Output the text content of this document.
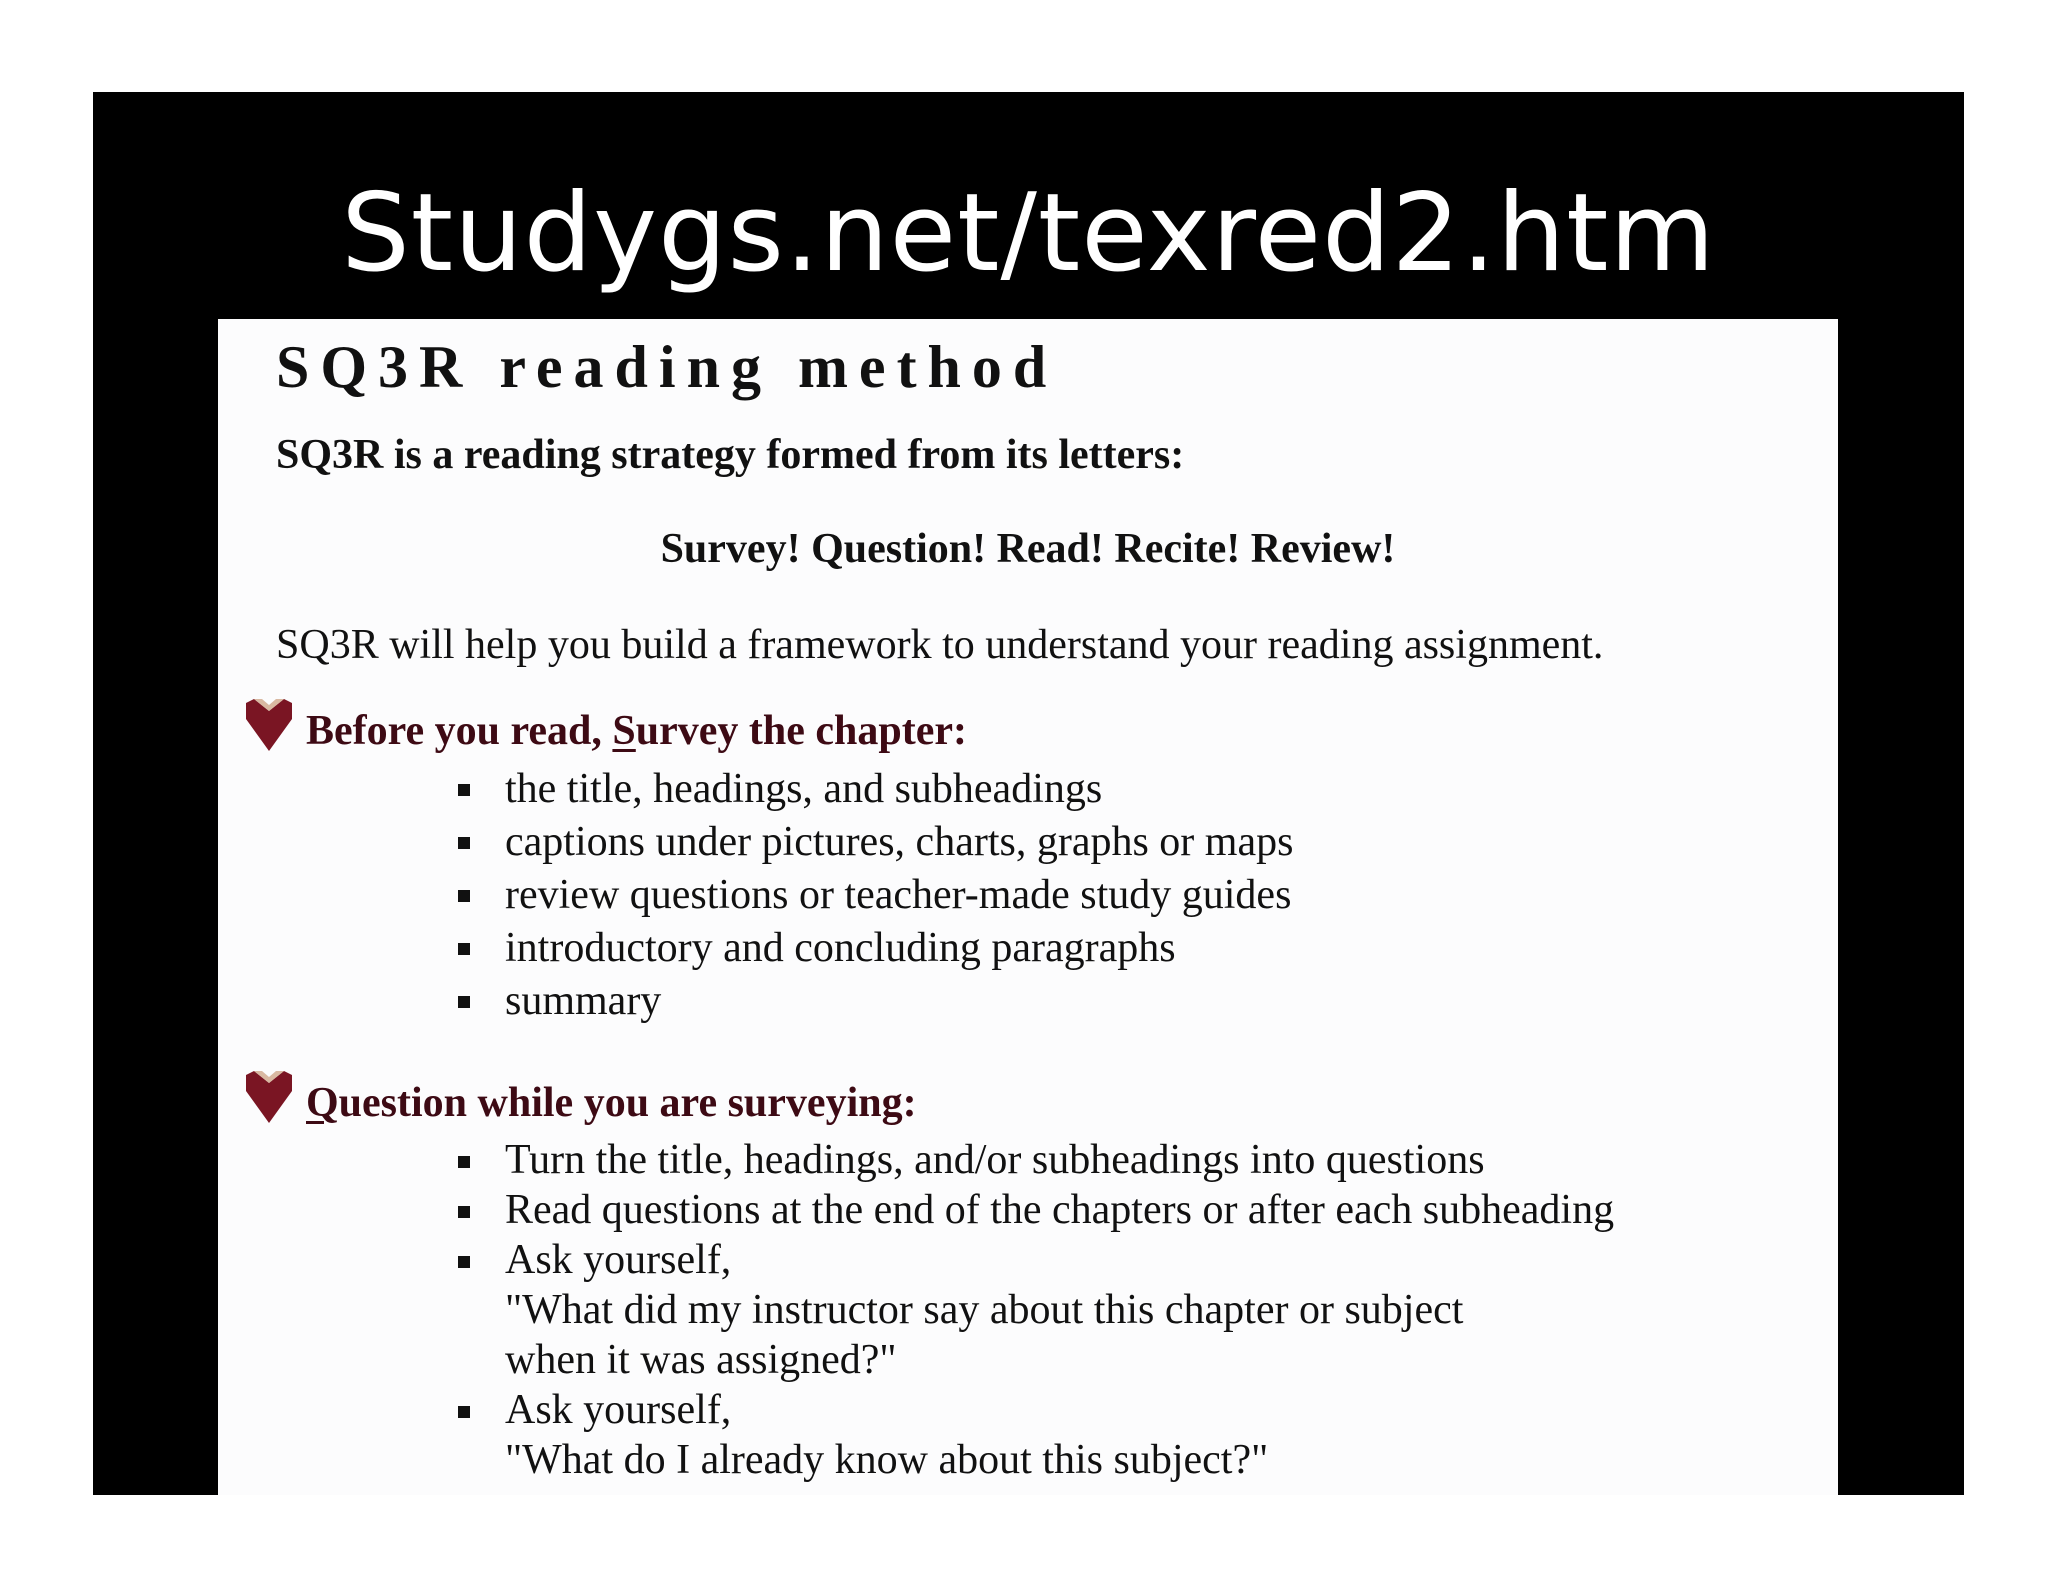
Studygs.net/texred2.htm
SQ3R reading method

SQ3R is a reading strategy formed from its letters:

Survey! Question! Read! Recite! Review!

SQ3R will help you build a framework to understand your reading assignment.

Before you read, Survey the chapter:
the title, headings, and subheadings
captions under pictures, charts, graphs or maps
review questions or teacher-made study guides
introductory and concluding paragraphs
summary
Question while you are surveying:
Turn the title, headings, and/or subheadings into questions
Read questions at the end of the chapters or after each subheading
Ask yourself,
"What did my instructor say about this chapter or subject
when it was assigned?"
Ask yourself,
"What do I already know about this subject?"
